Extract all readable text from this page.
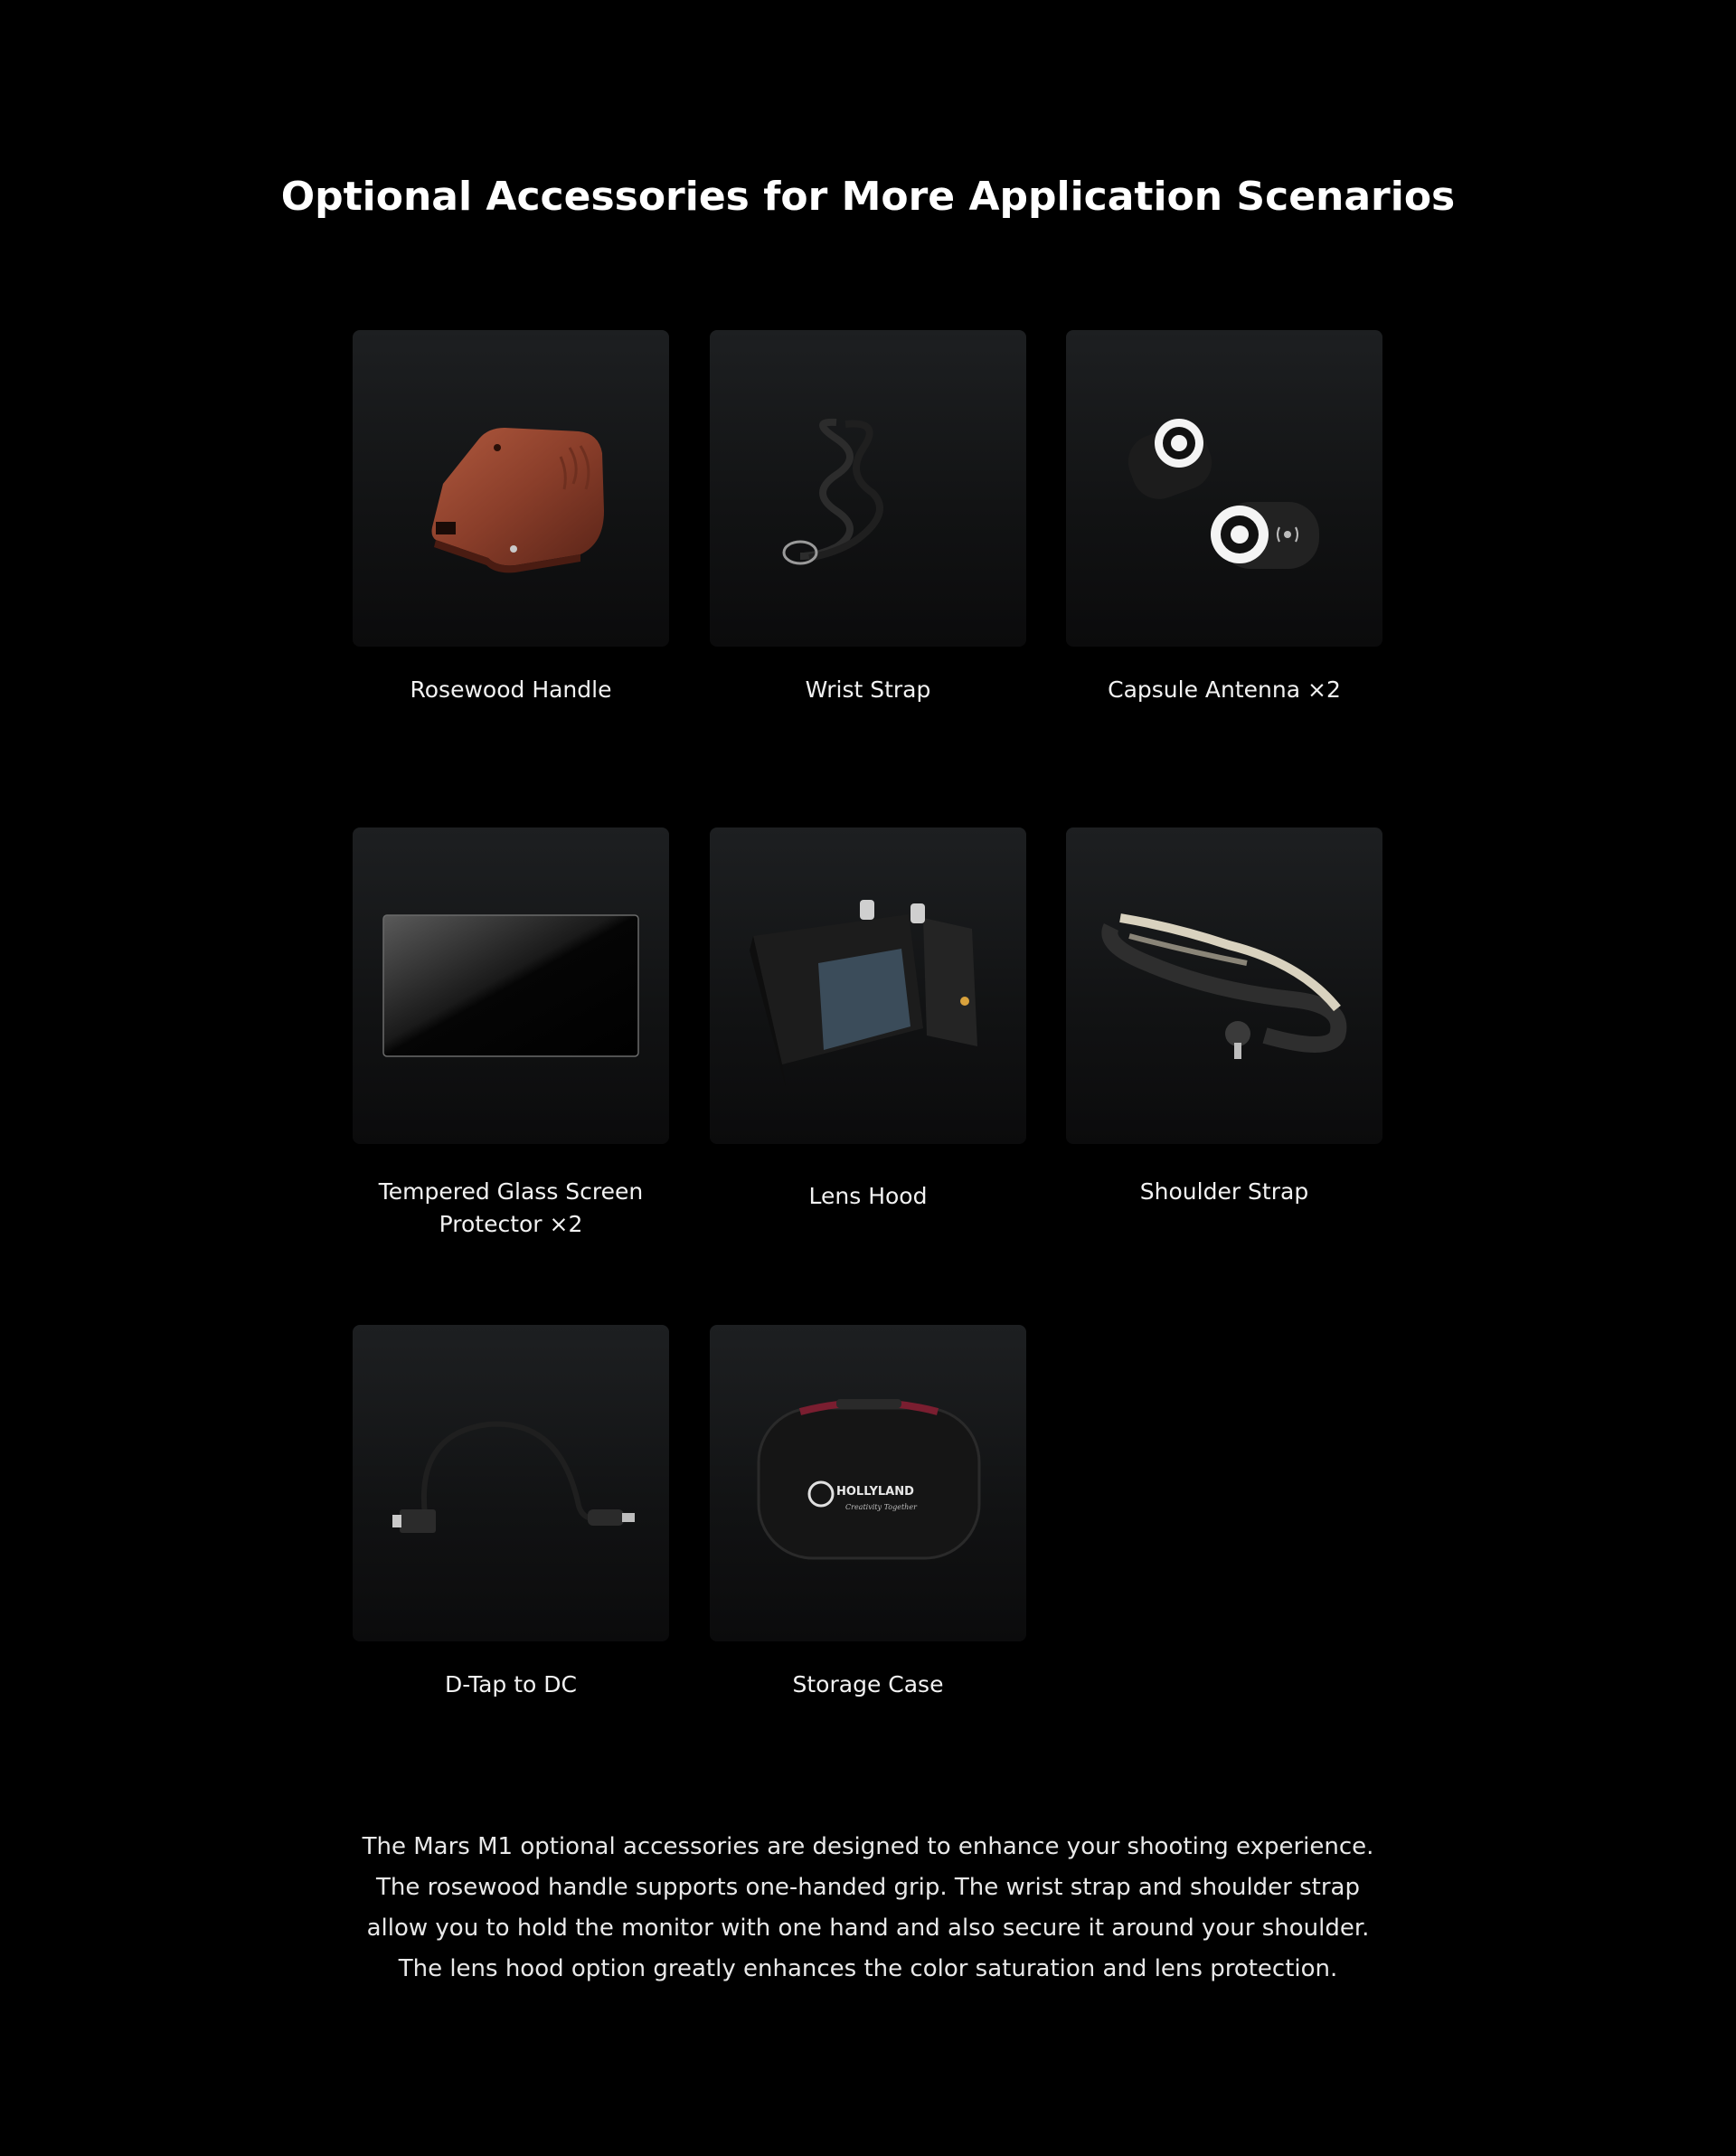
Optional Accessories for More Application Scenarios
Rosewood Handle	Wrist Strap	Capsule Antenna ×2
Tempered Glass Screen Protector ×2
Lens Hood	Shoulder Strap
D-Tap to DC
HOLLYLAND
Creativity Together
Storage Case

The Mars M1 optional accessories are designed to enhance your shooting experience. The rosewood handle supports one-handed grip. The wrist strap and shoulder strap allow you to hold the monitor with one hand and also secure it around your shoulder. The lens hood option greatly enhances the color saturation and lens protection.
